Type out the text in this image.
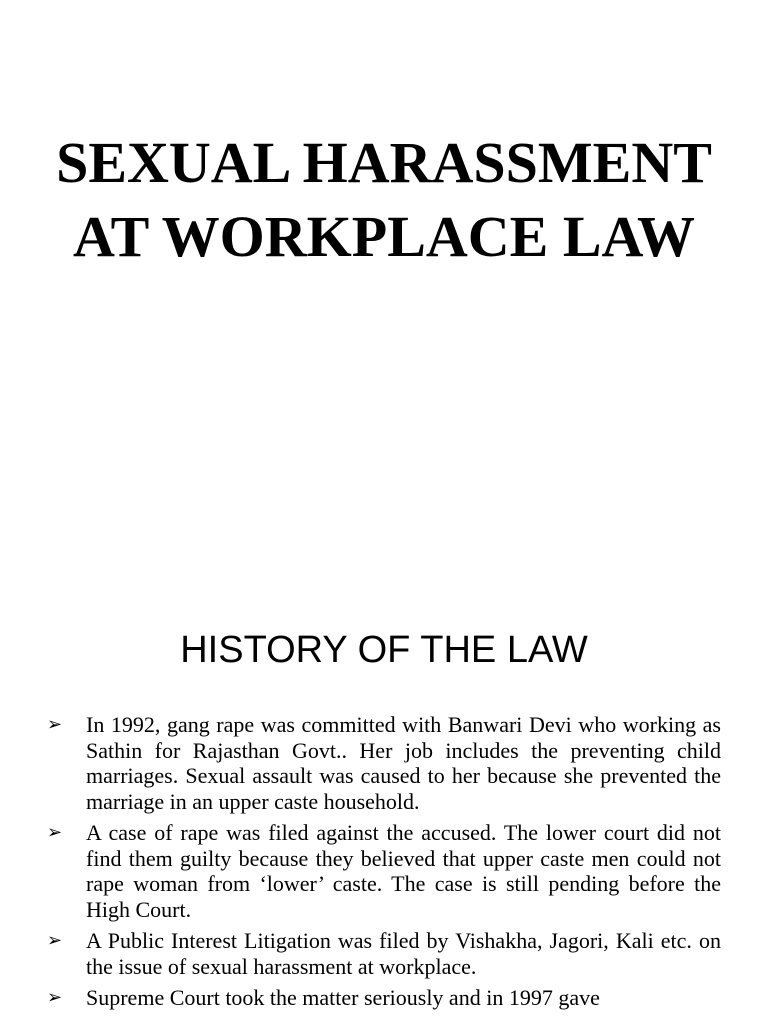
SEXUAL HARASSMENT
AT WORKPLACE LAW
HISTORY OF THE LAW
➢ In 1992, gang rape was committed with Banwari Devi who working as Sathin for Rajasthan Govt.. Her job includes the preventing child marriages. Sexual assault was caused to her because she prevented the marriage in an upper caste household.
➢ A case of rape was filed against the accused. The lower court did not find them guilty because they believed that upper caste men could not rape woman from ‘lower’ caste. The case is still pending before the High Court.
➢ A Public Interest Litigation was filed by Vishakha, Jagori, Kali etc. on the issue of sexual harassment at workplace.
➢ Supreme Court took the matter seriously and in 1997 gave
